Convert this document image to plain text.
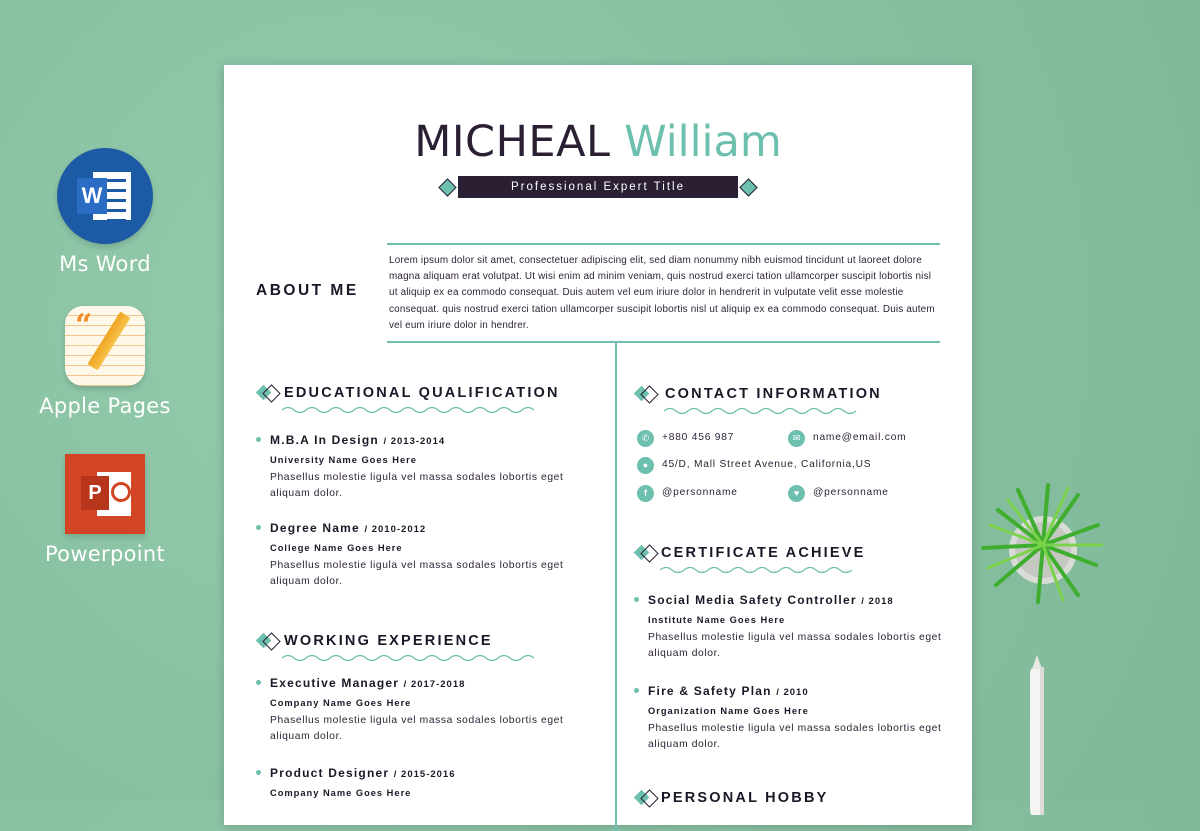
W
Ms Word
“
Apple Pages
P
Powerpoint
MICHEAL William
Professional Expert Title
ABOUT ME
Lorem ipsum dolor sit amet, consectetuer adipiscing elit, sed diam nonummy nibh euismod tincidunt ut laoreet dolore magna aliquam erat volutpat. Ut wisi enim ad minim veniam, quis nostrud exerci tation ullamcorper suscipit lobortis nisl ut aliquip ex ea commodo consequat. Duis autem vel eum iriure dolor in hendrerit in vulputate velit esse molestie consequat. quis nostrud exerci tation ullamcorper suscipit lobortis nisl ut aliquip ex ea commodo consequat. Duis autem vel eum iriure dolor in hendrer.
EDUCATIONAL QUALIFICATION
M.B.A In Design / 2013-2014
University Name Goes Here
Phasellus molestie ligula vel massa sodales lobortis eget aliquam dolor.
Degree Name / 2010-2012
College Name Goes Here
Phasellus molestie ligula vel massa sodales lobortis eget aliquam dolor.
WORKING EXPERIENCE
Executive Manager / 2017-2018
Company Name Goes Here
Phasellus molestie ligula vel massa sodales lobortis eget aliquam dolor.
Product Designer / 2015-2016
Company Name Goes Here
CONTACT INFORMATION
✆	+880 456 987	✉	name@email.com
●	45/D, Mall Street Avenue, California,US
f	@personname	♥	@personname
CERTIFICATE ACHIEVE
Social Media Safety Controller / 2018
Institute Name Goes Here
Phasellus molestie ligula vel massa sodales lobortis eget aliquam dolor.
Fire & Safety Plan / 2010
Organization Name Goes Here
Phasellus molestie ligula vel massa sodales lobortis eget aliquam dolor.
PERSONAL HOBBY
